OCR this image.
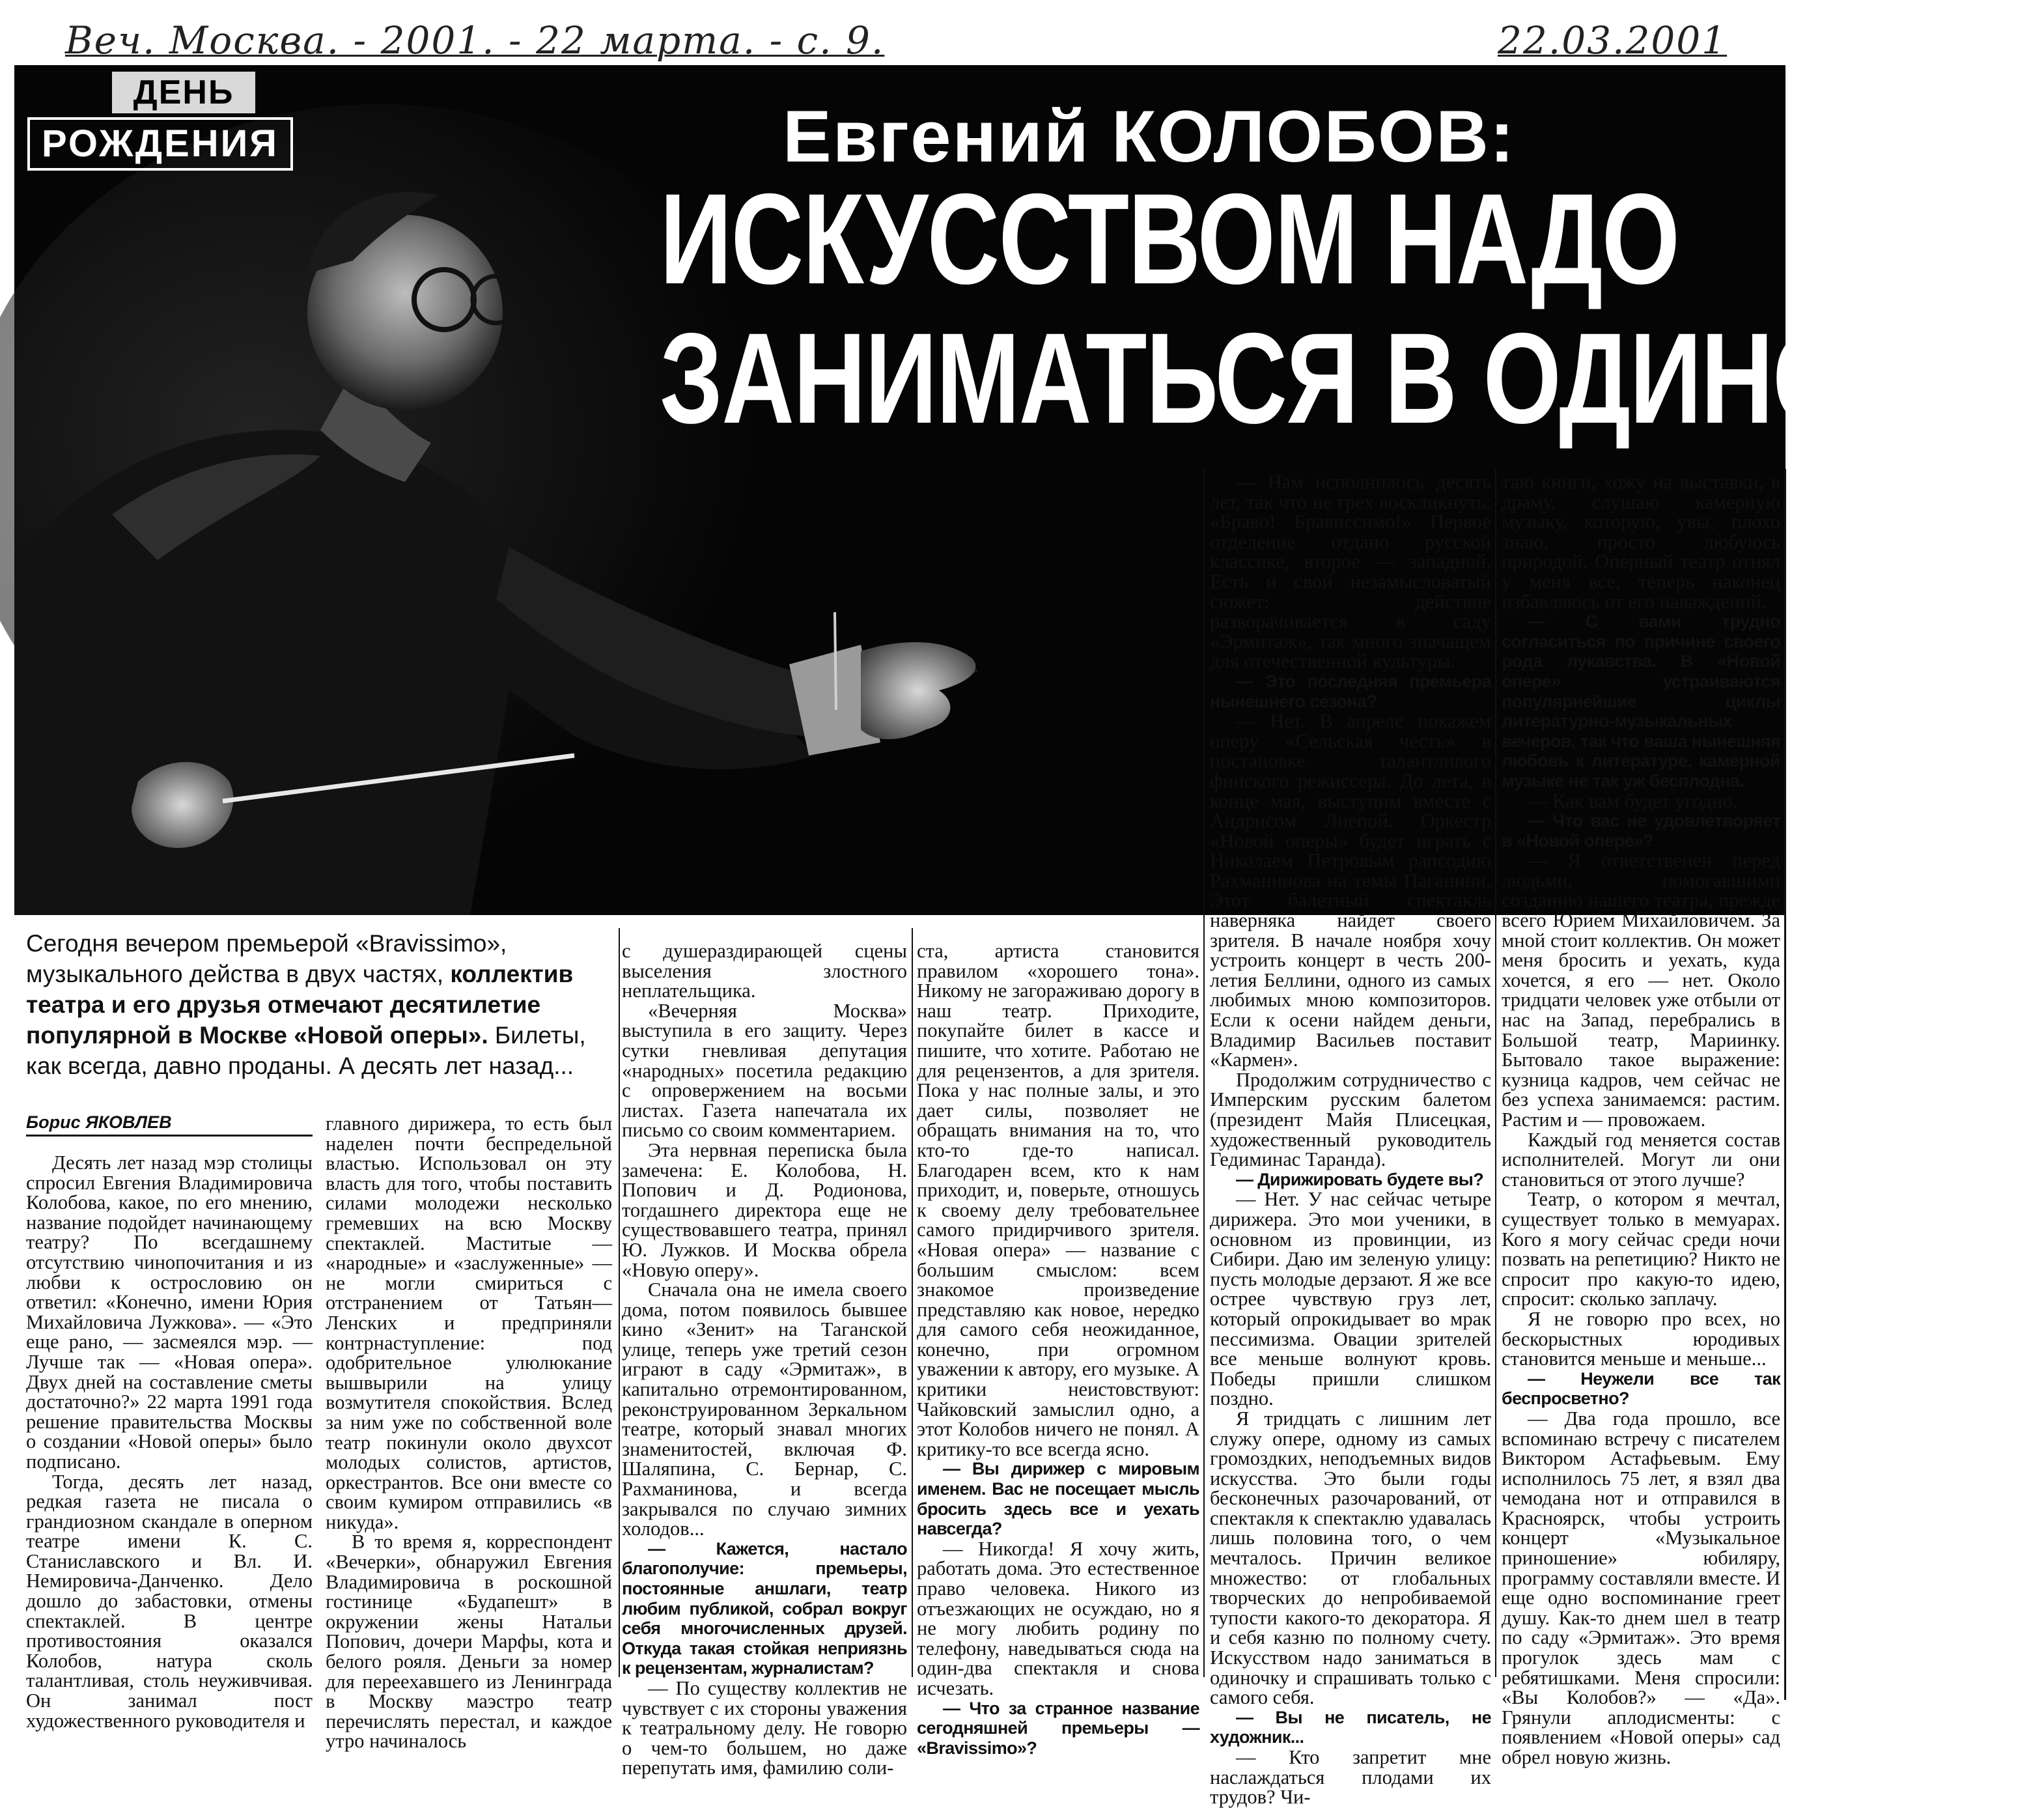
Веч. Москва. - 2001. - 22 марта. - с. 9.	22.03.2001
ДЕНЬ
РОЖДЕНИЯ	Евгений КОЛОБОВ:
ИСКУССТВОМ НАДО
ЗАНИМАТЬСЯ В ОДИНОЧКУ
Сегодня вечером премьерой «Bravissimo», музыкального действа в двух частях, коллектив театра и его друзья отмечают десятилетие популярной в Москве «Новой оперы». Билеты, как всегда, давно проданы. А десять лет назад...
Борис ЯКОВЛЕВ

Десять лет назад мэр столицы спросил Евгения Владимировича Колобова, какое, по его мнению, название подойдет начинающему театру? По всегдашнему отсутствию чинопочитания и из любви к острословию он ответил: «Конечно, имени Юрия Михайловича Лужкова». — «Это еще рано, — засмеялся мэр. — Лучше так — «Новая опера». Двух дней на составление сметы достаточно?» 22 марта 1991 года решение правительства Москвы о создании «Новой оперы» было подписано.

Тогда, десять лет назад, редкая газета не писала о грандиозном скандале в оперном театре имени К. С. Станиславского и Вл. И. Немировича-Данченко. Дело дошло до забастовки, отмены спектаклей. В центре противостояния оказался Колобов, натура сколь талантливая, столь неуживчивая. Он занимал пост художественного руководителя и

главного дирижера, то есть был наделен почти беспредельной властью. Использовал он эту власть для того, чтобы поставить силами молодежи несколько гремевших на всю Москву спектаклей. Маститые — «народные» и «заслуженные» — не могли смириться с отстранением от Татьян—Ленских и предприняли контрнаступление: под одобрительное улюлюкание вышвырили на улицу возмутителя спокойствия. Вслед за ним уже по собственной воле театр покинули около двухсот молодых солистов, артистов, оркестрантов. Все они вместе со своим кумиром отправились «в никуда».

В то время я, корреспондент «Вечерки», обнаружил Евгения Владимировича в роскошной гостинице «Будапешт» в окружении жены Натальи Попович, дочери Марфы, кота и белого рояля. Деньги за номер для переехавшего из Ленинграда в Москву маэстро театр перечислять перестал, и каждое утро начиналось

с душераздирающей сцены выселения злостного неплательщика.

«Вечерняя Москва» выступила в его защиту. Через сутки гневливая депутация «народных» посетила редакцию с опровержением на восьми листах. Газета напечатала их письмо со своим комментарием.

Эта нервная переписка была замечена: Е. Колобова, Н. Попович и Д. Родионова, тогдашнего директора еще не существовавшего театра, принял Ю. Лужков. И Москва обрела «Новую оперу».

Сначала она не имела своего дома, потом появилось бывшее кино «Зенит» на Таганской улице, теперь уже третий сезон играют в саду «Эрмитаж», в капитально отремонтированном, реконструированном Зеркальном театре, который знавал многих знаменитостей, включая Ф. Шаляпина, С. Бернар, С. Рахманинова, и всегда закрывался по случаю зимних холодов...

— Кажется, настало благополучие: премьеры, постоянные аншлаги, театр любим публикой, собрал вокруг себя многочисленных друзей. Откуда такая стойкая неприязнь к рецензентам, журналистам?

— По существу коллектив не чувствует с их стороны уважения к театральному делу. Не говорю о чем-то большем, но даже перепутать имя, фамилию соли-

ста, артиста становится правилом «хорошего тона». Никому не загораживаю дорогу в наш театр. Приходите, покупайте билет в кассе и пишите, что хотите. Работаю не для рецензентов, а для зрителя. Пока у нас полные залы, и это дает силы, позволяет не обращать внимания на то, что кто-то где-то написал. Благодарен всем, кто к нам приходит, и, поверьте, отношусь к своему делу требовательнее самого придирчивого зрителя. «Новая опера» — название с большим смыслом: всем знакомое произведение представляю как новое, нередко для самого себя неожиданное, конечно, при огромном уважении к автору, его музыке. А критики неистовствуют: Чайковский замыслил одно, а этот Колобов ничего не понял. А критику-то все всегда ясно.

— Вы дирижер с мировым именем. Вас не посещает мысль бросить здесь все и уехать навсегда?

— Никогда! Я хочу жить, работать дома. Это естественное право человека. Никого из отъезжающих не осуждаю, но я не могу любить родину по телефону, наведываться сюда на один-два спектакля и снова исчезать.

— Что за странное название сегодняшней премьеры — «Bravissimo»?

— Нам исполнилось десять лет, так что не грех воскликнуть: «Браво! Брависсимо!» Первое отделение отдано русской классике, второе — западной. Есть и свой незамысловатый сюжет: действие разворачивается в саду «Эрмитаж», так много значащем для отечественной культуры.

— Это последняя премьера нынешнего сезона?

— Нет. В апреле покажем оперу «Сельская честь» в постановке талантливого финского режиссера. До лета, в конце мая, выступим вместе с Андрисом Лиепой. Оркестр «Новой оперы» будет играть с Николаем Петровым рапсодию Рахманинова на темы Паганини. Этот балетный спектакль наверняка найдет своего зрителя. В начале ноября хочу устроить концерт в честь 200-летия Беллини, одного из самых любимых мною композиторов. Если к осени найдем деньги, Владимир Васильев поставит «Кармен».

Продолжим сотрудничество с Имперским русским балетом (президент Майя Плисецкая, художественный руководитель Гедиминас Таранда).

— Дирижировать будете вы?

— Нет. У нас сейчас четыре дирижера. Это мои ученики, в основном из провинции, из Сибири. Даю им зеленую улицу: пусть молодые дерзают. Я же все острее чувствую груз лет, который опрокидывает во мрак пессимизма. Овации зрителей все меньше волнуют кровь. Победы пришли слишком поздно.

Я тридцать с лишним лет служу опере, одному из самых громоздких, неподъемных видов искусства. Это были годы бесконечных разочарований, от спектакля к спектаклю удавалась лишь половина того, о чем мечталось. Причин великое множество: от глобальных творческих до непробиваемой тупости какого-то декоратора. Я и себя казню по полному счету. Искусством надо заниматься в одиночку и спрашивать только с самого себя.

— Вы не писатель, не художник...

— Кто запретит мне наслаждаться плодами их трудов? Чи-

таю книги, хожу на выставки, в драму, слушаю камерную музыку, которую, увы, плохо знаю, просто любуюсь природой. Оперный театр отнял у меня все, теперь наконец избавляюсь от его наваждений.

— С вами трудно согласиться по причине своего рода лукавства. В «Новой опере» устраиваются популярнейшие циклы литературно-музыкальных вечеров, так что ваша нынешняя любовь к литературе, камерной музыке не так уж бесплодна.

— Как вам будет угодно.

— Что вас не удовлетворяет в «Новой опере»?

— Я ответственен перед людьми, помогавшими созданию нашего театра, прежде всего Юрием Михайловичем. За мной стоит коллектив. Он может меня бросить и уехать, куда хочется, я его — нет. Около тридцати человек уже отбыли от нас на Запад, перебрались в Большой театр, Мариинку. Бытовало такое выражение: кузница кадров, чем сейчас не без успеха занимаемся: растим. Растим и — провожаем.

Каждый год меняется состав исполнителей. Могут ли они становиться от этого лучше?

Театр, о котором я мечтал, существует только в мемуарах. Кого я могу сейчас среди ночи позвать на репетицию? Никто не спросит про какую-то идею, спросит: сколько заплачу.

Я не говорю про всех, но бескорыстных юродивых становится меньше и меньше...

— Неужели все так беспросветно?

— Два года прошло, все вспоминаю встречу с писателем Виктором Астафьевым. Ему исполнилось 75 лет, я взял два чемодана нот и отправился в Красноярск, чтобы устроить концерт «Музыкальное приношение» юбиляру, программу составляли вместе. И еще одно воспоминание греет душу. Как-то днем шел в театр по саду «Эрмитаж». Это время прогулок здесь мам с ребятишками. Меня спросили: «Вы Колобов?» — «Да». Грянули аплодисменты: с появлением «Новой оперы» сад обрел новую жизнь.
